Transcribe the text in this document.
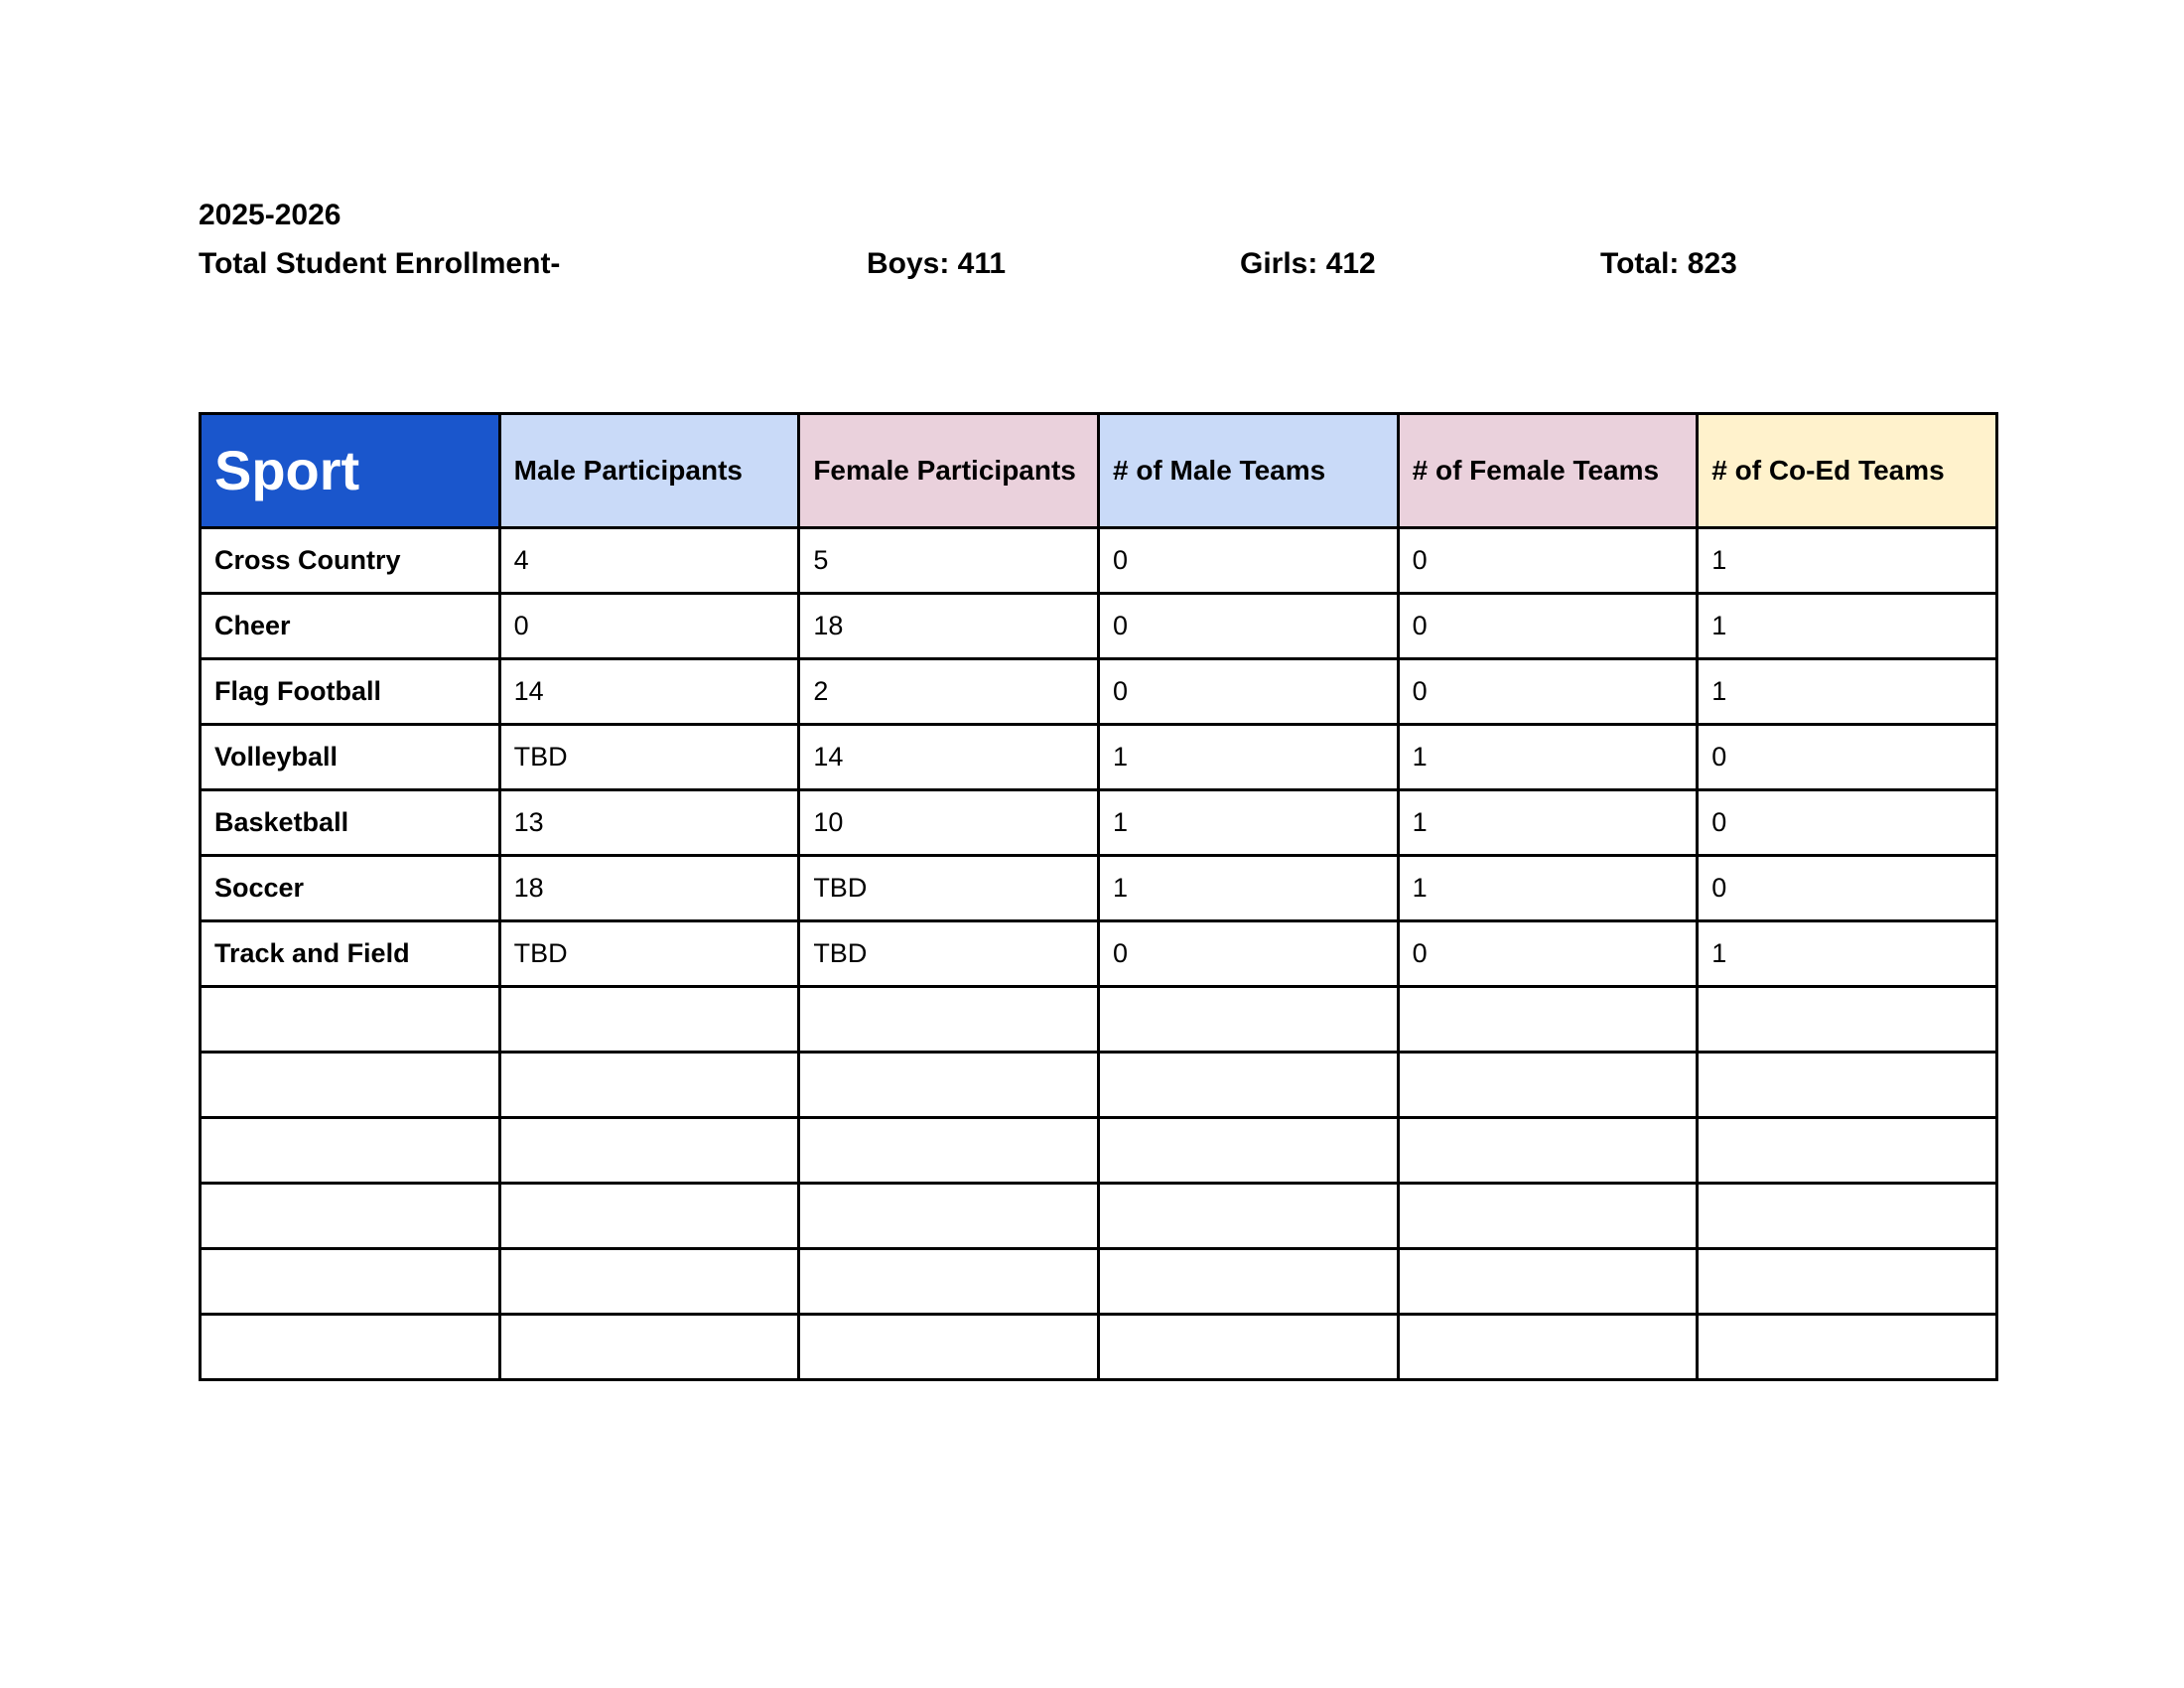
2025-2026
Total Student Enrollment-	Boys: 411	Girls: 412	Total: 823
Sport	Male Participants	Female Participants	# of Male Teams	# of Female Teams	# of Co-Ed Teams
Cross Country	4	5	0	0	1
Cheer	0	18	0	0	1
Flag Football	14	2	0	0	1
Volleyball	TBD	14	1	1	0
Basketball	13	10	1	1	0
Soccer	18	TBD	1	1	0
Track and Field	TBD	TBD	0	0	1
